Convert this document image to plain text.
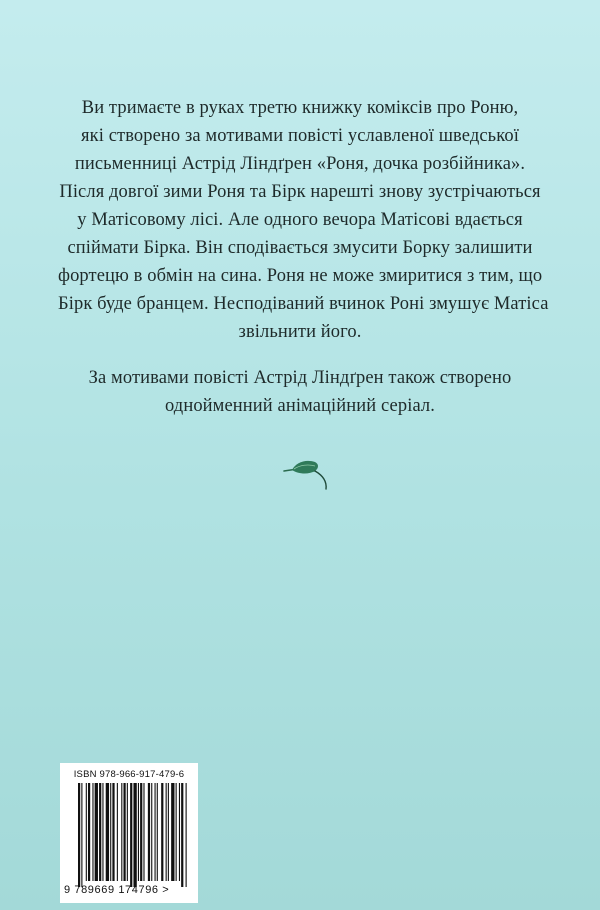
Ви тримаєте в руках третю книжку коміксів про Роню,
які створено за мотивами повісті уславленої шведської
письменниці Астрід Ліндґрен «Роня, дочка розбійника».
Після довгої зими Роня та Бірк нарешті знову зустрічаються
у Матісовому лісі. Але одного вечора Матісові вдається
спіймати Бірка. Він сподівається змусити Борку залишити
фортецю в обмін на сина. Роня не може змиритися з тим, що
Бірк буде бранцем. Несподіваний вчинок Роні змушує Матіса
звільнити його.

За мотивами повісті Астрід Ліндґрен також створено
однойменний анімаційний серіал.

ISBN 978-966-917-479-6
9 789669 174796 >
